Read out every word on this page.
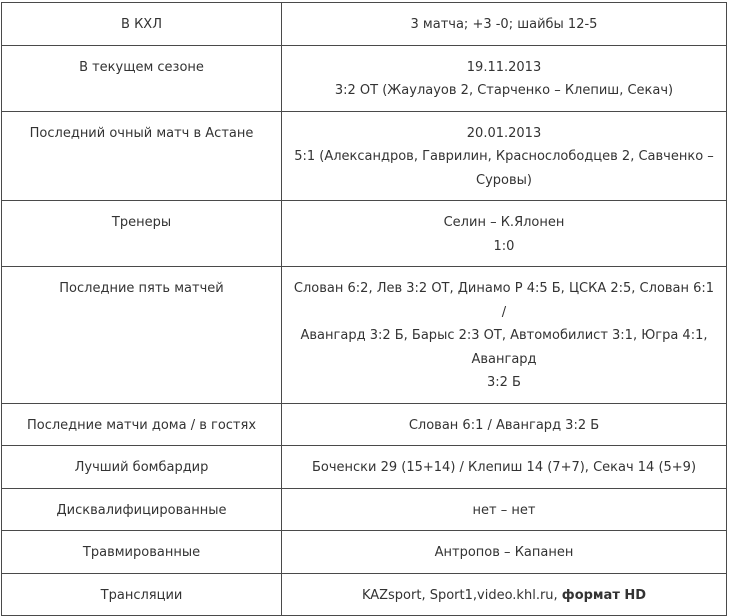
В КХЛ	3 матча; +3 -0; шайбы 12-5

В текущем сезоне	19.11.2013
3:2 ОТ (Жаулауов 2, Старченко – Клепиш, Секач)

Последний очный матч в Астане	20.01.2013
5:1 (Александров, Гаврилин, Краснослободцев 2, Савченко –
Суровы)

Тренеры	Селин – К.Ялонен
1:0

Последние пять матчей	Слован 6:2, Лев 3:2 ОТ, Динамо Р 4:5 Б, ЦСКА 2:5, Слован 6:1 /
Авангард 3:2 Б, Барыс 2:3 ОТ, Автомобилист 3:1, Югра 4:1, Авангард
3:2 Б

Последние матчи дома / в гостях	Слован 6:1 / Авангард 3:2 Б

Лучший бомбардир	Боченски 29 (15+14) / Клепиш 14 (7+7), Секач 14 (5+9)

Дисквалифицированные	нет – нет

Травмированные	Антропов – Капанен

Трансляции	KAZsport, Sport1,video.khl.ru, формат HD
